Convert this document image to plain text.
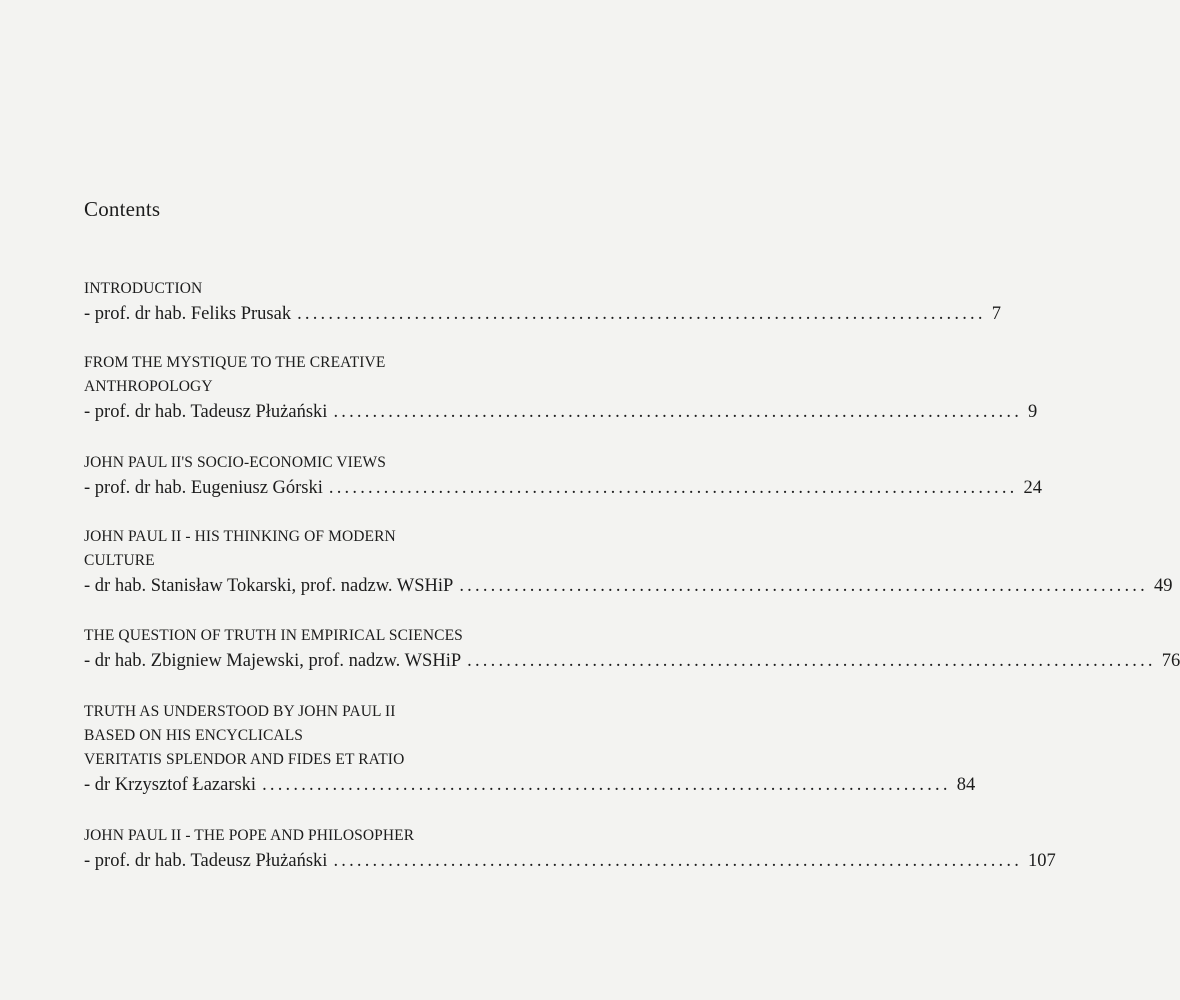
Contents
INTRODUCTION
- prof. dr hab. Feliks Prusak ........................................................................................ 7
FROM THE MYSTIQUE TO THE CREATIVE
ANTHROPOLOGY
- prof. dr hab. Tadeusz Płużański ........................................................................................ 9
JOHN PAUL II'S SOCIO-ECONOMIC VIEWS
- prof. dr hab. Eugeniusz Górski ........................................................................................ 24
JOHN PAUL II - HIS THINKING OF MODERN
CULTURE
- dr hab. Stanisław Tokarski, prof. nadzw. WSHiP ........................................................................................ 49
THE QUESTION OF TRUTH IN EMPIRICAL SCIENCES
- dr hab. Zbigniew Majewski, prof. nadzw. WSHiP ........................................................................................ 76
TRUTH AS UNDERSTOOD BY JOHN PAUL II
BASED ON HIS ENCYCLICALS
VERITATIS SPLENDOR AND FIDES ET RATIO
- dr Krzysztof Łazarski ........................................................................................ 84
JOHN PAUL II - THE POPE AND PHILOSOPHER
- prof. dr hab. Tadeusz Płużański ........................................................................................ 107
